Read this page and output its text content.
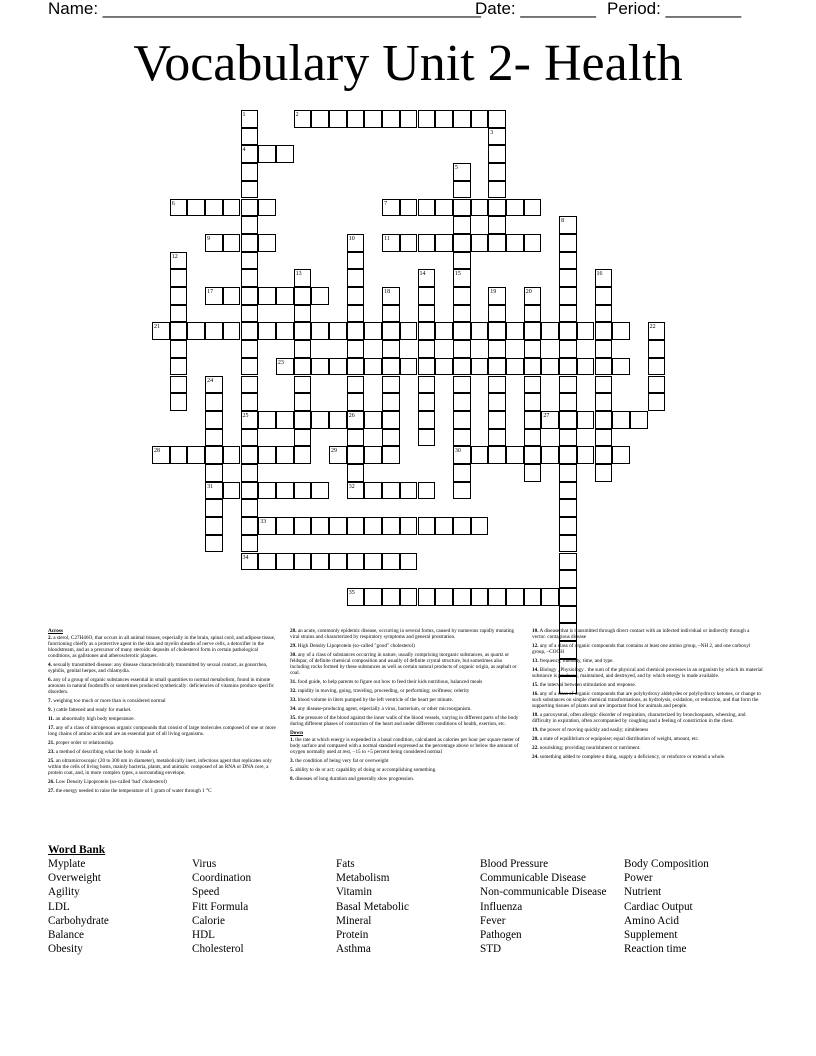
Name: ________________________________________
Date: ________ Period: ________
Vocabulary Unit 2- Health
2
4
6	7
9	11
17
21
23
25	26	27
28	29	30
31	32
33
34
35
1
3
5
15
8
10
12
13	14	16
18	19	20
22
24
Across
2. a sterol, C27H46O, that occurs in all animal tissues, especially in the brain, spinal cord, and adipose tissue, functioning chiefly as a protective agent in the skin and myelin sheaths of nerve cells, a detoxifier in the bloodstream, and as a precursor of many steroids: deposits of cholesterol form in certain pathological conditions, as gallstones and atherosclerotic plaques.
4. sexually transmitted disease: any disease characteristically transmitted by sexual contact, as gonorrhea, syphilis, genital herpes, and chlamydia.
6. any of a group of organic substances essential in small quantities to normal metabolism, found in minute amounts in natural foodstuffs or sometimes produced synthetically: deficiencies of vitamins produce specific disorders.
7. weighing too much or more than is considered normal
9. ) cattle fattened and ready for market.
11. an abnormally high body temperature.
17. any of a class of nitrogenous organic compounds that consist of large molecules composed of one or more long chains of amino acids and are an essential part of all living organisms.
21. proper order or relationship.
23. a method of describing what the body is made of.
25. an ultramicroscopic (20 to 300 nm in diameter), metabolically inert, infectious agent that replicates only within the cells of living hosts, mainly bacteria, plants, and animals: composed of an RNA or DNA core, a protein coat, and, in more complex types, a surrounding envelope.
26. Low Density Lipoprotein (so-called 'bad' cholesterol)
27. the energy needed to raise the temperature of 1 gram of water through 1 °C
28. an acute, commonly epidemic disease, occurring in several forms, caused by numerous rapidly mutating viral strains and characterized by respiratory symptoms and general prostration.
29. High Density Lipoprotein (so-called "good" cholesterol)
30. any of a class of substances occurring in nature, usually comprising inorganic substances, as quartz or feldspar, of definite chemical composition and usually of definite crystal structure, but sometimes also including rocks formed by these substances as well as certain natural products of organic origin, as asphalt or coal.
31. food guide, to help parents to figure out how to feed their kids nutritious, balanced meals
32. rapidity in moving, going, traveling, proceeding, or performing; swiftness; celerity
33. blood volume in liters pumped by the left ventricle of the heart per minute.
34. any disease-producing agent, especially a virus, bacterium, or other microorganism.
35. the pressure of the blood against the inner walls of the blood vessels, varying in different parts of the body during different phases of contraction of the heart and under different conditions of health, exertion, etc.
Down
1. the rate at which energy is expended in a basal condition, calculated as calories per hour per square meter of body surface and compared with a normal standard expressed as the percentage above or below the amount of oxygen normally used at rest, −15 to +5 percent being considered normal
3. the condition of being very fat or overweight
5. ability to do or act; capability of doing or accomplishing something.
8. diseases of long duration and generally slow progression.
10. A disease that is transmitted through direct contact with an infected individual or indirectly through a vector. contagious disease
12. any of a class of organic compounds that contains at least one amino group, –NH 2, and one carboxyl group, –COOH
13. frequency, intensity, time, and type.
14. Biology , Physiology . the sum of the physical and chemical processes in an organism by which its material substance is produced, maintained, and destroyed, and by which energy is made available.
15. the interval between stimulation and response.
16. any of a class of organic compounds that are polyhydroxy aldehydes or polyhydroxy ketones, or change to such substances on simple chemical transformations, as hydrolysis, oxidation, or reduction, and that form the supporting tissues of plants and are important food for animals and people.
18. a paroxysmal, often allergic disorder of respiration, characterized by bronchospasm, wheezing, and difficulty in expiration, often accompanied by coughing and a feeling of constriction in the chest.
19. the power of moving quickly and easily; nimbleness
20. a state of equilibrium or equipoise; equal distribution of weight, amount, etc.
22. nourishing; providing nourishment or nutriment.
24. something added to complete a thing, supply a deficiency, or reinforce or extend a whole.
Word Bank
Myplate
Overweight
Agility
LDL
Carbohydrate
Balance
Obesity
Virus
Coordination
Speed
Fitt Formula
Calorie
HDL
Cholesterol
Fats
Metabolism
Vitamin
Basal Metabolic
Mineral
Protein
Asthma
Blood Pressure
Communicable Disease
Non-communicable Disease
Influenza
Fever
Pathogen
STD
Body Composition
Power
Nutrient
Cardiac Output
Amino Acid
Supplement
Reaction time
